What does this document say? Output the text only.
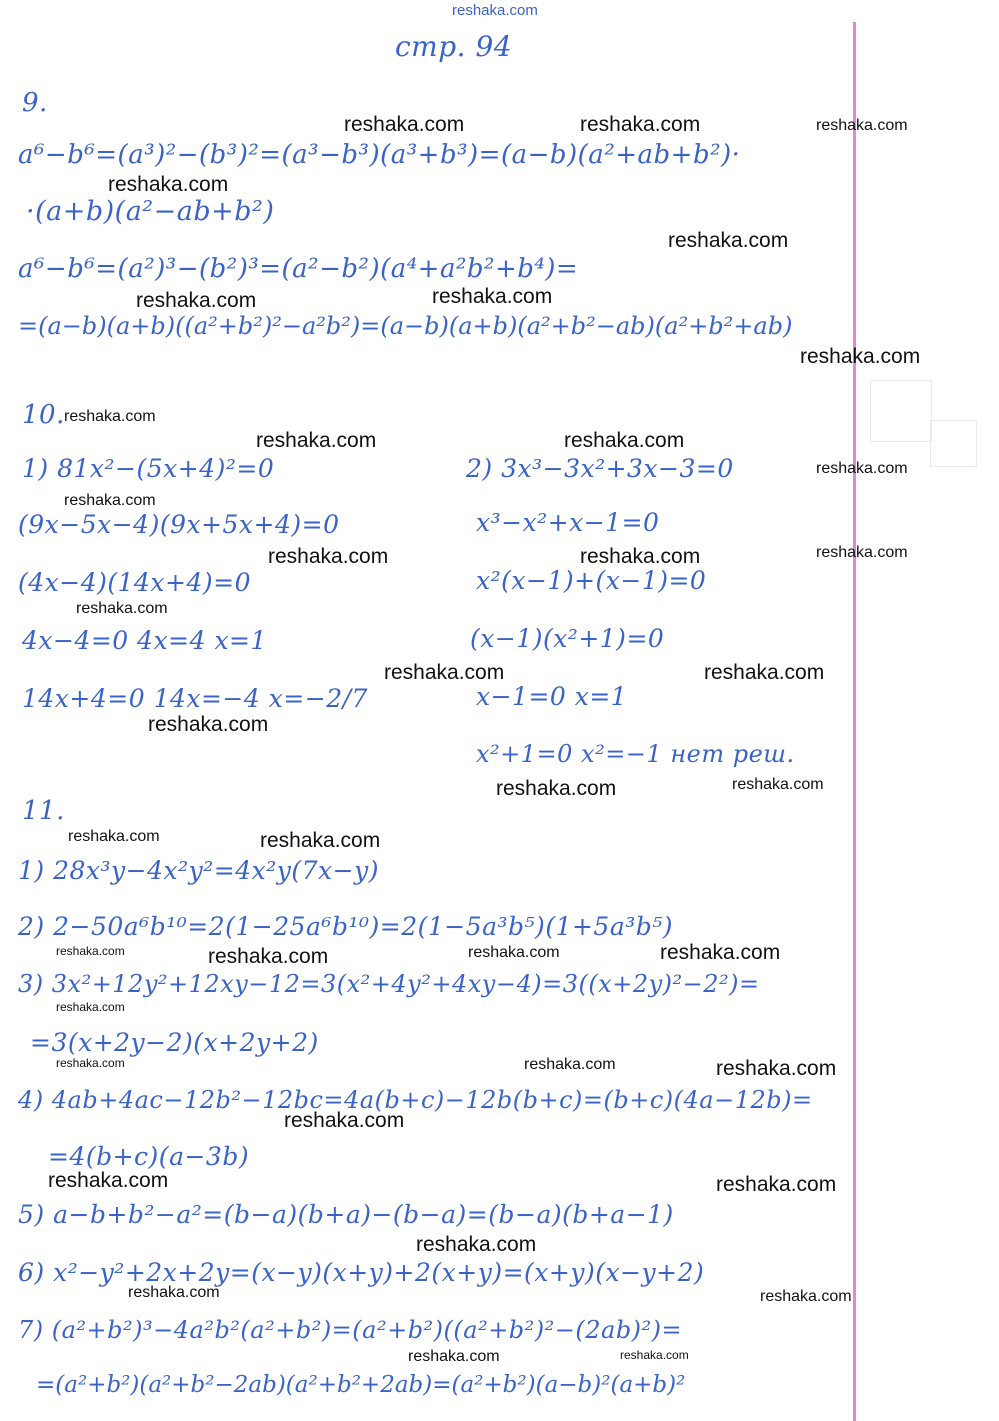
reshaka.com
стр. 94
9.
a⁶−b⁶=(a³)²−(b³)²=(a³−b³)(a³+b³)=(a−b)(a²+ab+b²)·
·(a+b)(a²−ab+b²)
a⁶−b⁶=(a²)³−(b²)³=(a²−b²)(a⁴+a²b²+b⁴)=
=(a−b)(a+b)((a²+b²)²−a²b²)=(a−b)(a+b)(a²+b²−ab)(a²+b²+ab)
10.
1) 81x²−(5x+4)²=0
(9x−5x−4)(9x+5x+4)=0
(4x−4)(14x+4)=0
4x−4=0 4x=4 x=1
14x+4=0 14x=−4 x=−2/7
2) 3x³−3x²+3x−3=0
x³−x²+x−1=0
x²(x−1)+(x−1)=0
(x−1)(x²+1)=0
x−1=0 x=1
x²+1=0 x²=−1 нет реш.
11.
1) 28x³y−4x²y²=4x²y(7x−y)
2) 2−50a⁶b¹⁰=2(1−25a⁶b¹⁰)=2(1−5a³b⁵)(1+5a³b⁵)
3) 3x²+12y²+12xy−12=3(x²+4y²+4xy−4)=3((x+2y)²−2²)=
=3(x+2y−2)(x+2y+2)
4) 4ab+4ac−12b²−12bc=4a(b+c)−12b(b+c)=(b+c)(4a−12b)=
=4(b+c)(a−3b)
5) a−b+b²−a²=(b−a)(b+a)−(b−a)=(b−a)(b+a−1)
6) x²−y²+2x+2y=(x−y)(x+y)+2(x+y)=(x+y)(x−y+2)
7) (a²+b²)³−4a²b²(a²+b²)=(a²+b²)((a²+b²)²−(2ab)²)=
=(a²+b²)(a²+b²−2ab)(a²+b²+2ab)=(a²+b²)(a−b)²(a+b)²
reshaka.com	reshaka.com	reshaka.com
reshaka.com
reshaka.com
reshaka.com	reshaka.com
reshaka.com
reshaka.com
reshaka.com	reshaka.com
reshaka.com
reshaka.com
reshaka.com	reshaka.com	reshaka.com
reshaka.com
reshaka.com	reshaka.com
reshaka.com
reshaka.com	reshaka.com
reshaka.com	reshaka.com
reshaka.com	reshaka.com	reshaka.com	reshaka.com
reshaka.com
reshaka.com	reshaka.com	reshaka.com
reshaka.com
reshaka.com	reshaka.com
reshaka.com
reshaka.com	reshaka.com
reshaka.com	reshaka.com
